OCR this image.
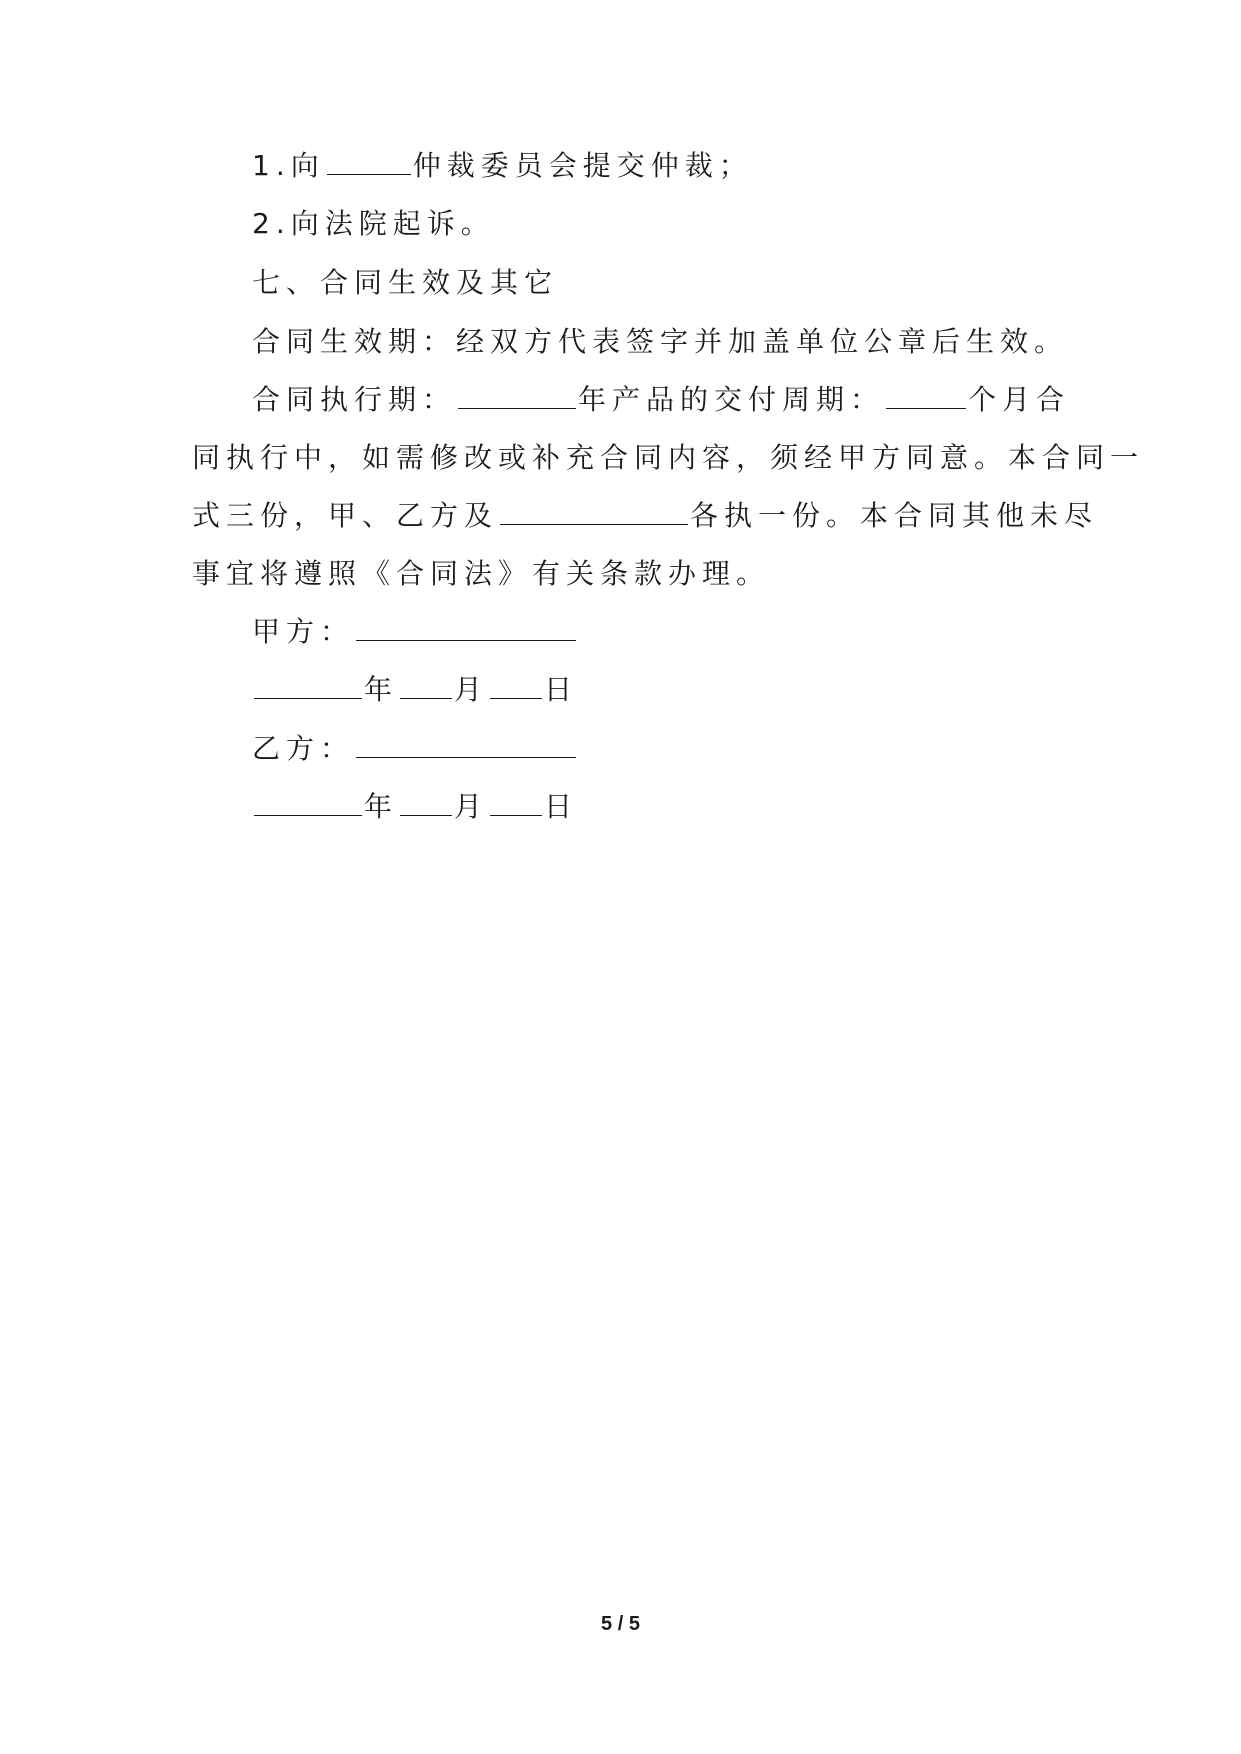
1.向	仲裁委员会提交仲裁；
2.向法院起诉。
七、合同生效及其它
合同生效期：经双方代表签字并加盖单位公章后生效。
合同执行期：	年产品的交付周期：	个月合
同执行中，如需修改或补充合同内容，须经甲方同意。本合同一
式三份，甲、乙方及	各执一份。本合同其他未尽
事宜将遵照《合同法》有关条款办理。
甲方：
年 月 日
乙方：
年 月 日
5 / 5
